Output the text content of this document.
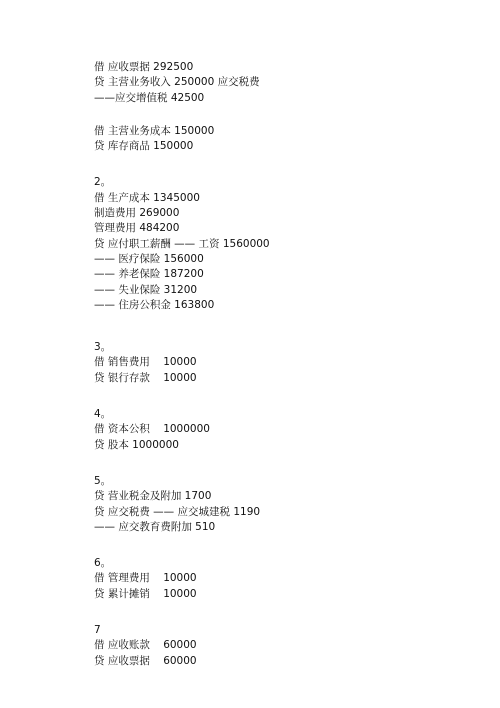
借 应收票据 292500
贷 主营业务收入 250000 应交税费
——应交增值税 42500
借 主营业务成本 150000
贷 库存商品 150000
2。
借 生产成本 1345000
制造费用 269000
管理费用 484200
贷 应付职工薪酬 —— 工资 1560000
—— 医疗保险 156000
—— 养老保险 187200
—— 失业保险 31200
—— 住房公积金 163800
3。
借 销售费用    10000
贷 银行存款    10000
4。
借 资本公积    1000000
贷 股本 1000000
5。
贷 营业税金及附加 1700
贷 应交税费 —— 应交城建税 1190
—— 应交教育费附加 510
6。
借 管理费用    10000
贷 累计摊销    10000
7
借 应收账款    60000
贷 应收票据    60000
